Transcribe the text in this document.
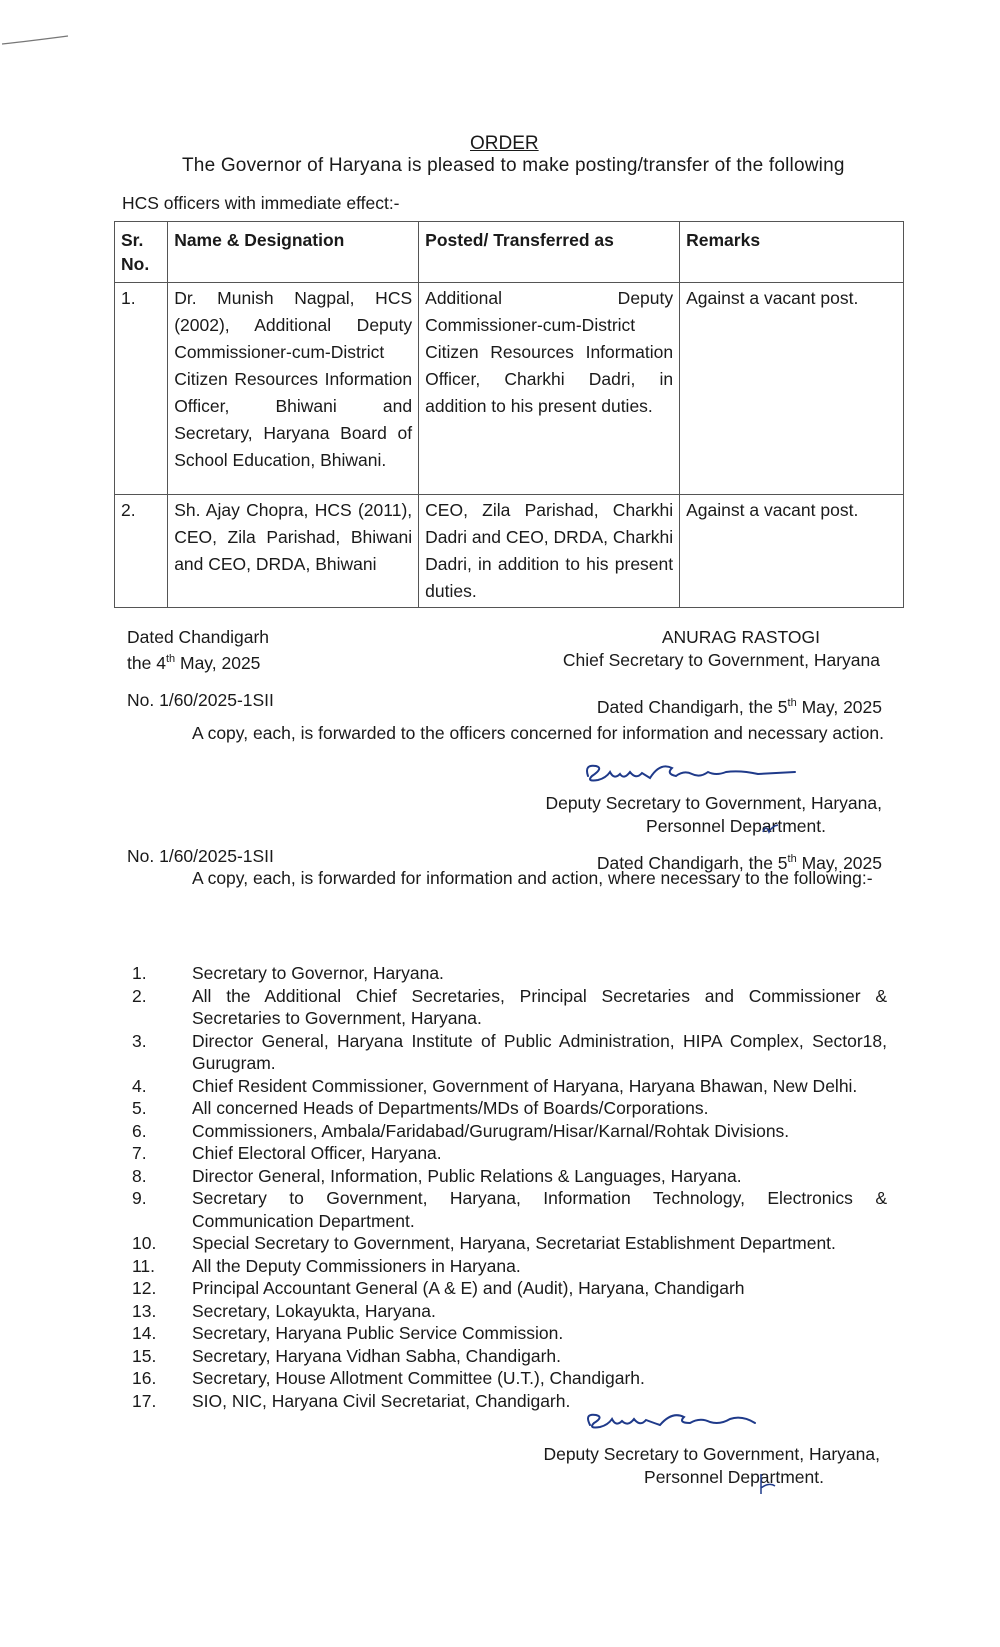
ORDER
The Governor of Haryana is pleased to make posting/transfer of the following
HCS officers with immediate effect:-
Sr. No.	Name & Designation	Posted/ Transferred as	Remarks
1.	Dr. Munish Nagpal, HCS (2002), Additional Deputy Commissioner-cum-District Citizen Resources Information Officer, Bhiwani and Secretary, Haryana Board of School Education, Bhiwani.	Additional Deputy Commissioner-cum-District Citizen Resources Information Officer, Charkhi Dadri, in addition to his present duties.	Against a vacant post.
2.	Sh. Ajay Chopra, HCS (2011), CEO, Zila Parishad, Bhiwani and CEO, DRDA, Bhiwani	CEO, Zila Parishad, Charkhi Dadri and CEO, DRDA, Charkhi Dadri, in addition to his present duties.	Against a vacant post.
Dated Chandigarh
the 4th May, 2025
ANURAG RASTOGI
Chief Secretary to Government, Haryana
No. 1/60/2025-1SII	Dated Chandigarh, the 5th May, 2025
A copy, each, is forwarded to the officers concerned for information and necessary action.
Deputy Secretary to Government, Haryana,
Personnel Department.
No. 1/60/2025-1SII	Dated Chandigarh, the 5th May, 2025
A copy, each, is forwarded for information and action, where necessary to the following:-
1.	Secretary to Governor, Haryana.
2.	All the Additional Chief Secretaries, Principal Secretaries and Commissioner & Secretaries to Government, Haryana.
3.	Director General, Haryana Institute of Public Administration, HIPA Complex, Sector18, Gurugram.
4.	Chief Resident Commissioner, Government of Haryana, Haryana Bhawan, New Delhi.
5.	All concerned Heads of Departments/MDs of Boards/Corporations.
6.	Commissioners, Ambala/Faridabad/Gurugram/Hisar/Karnal/Rohtak Divisions.
7.	Chief Electoral Officer, Haryana.
8.	Director General, Information, Public Relations & Languages, Haryana.
9.	Secretary to Government, Haryana, Information Technology, Electronics & Communication Department.
10.	Special Secretary to Government, Haryana, Secretariat Establishment Department.
11.	All the Deputy Commissioners in Haryana.
12.	Principal Accountant General (A & E) and (Audit), Haryana, Chandigarh
13.	Secretary, Lokayukta, Haryana.
14.	Secretary, Haryana Public Service Commission.
15.	Secretary, Haryana Vidhan Sabha, Chandigarh.
16.	Secretary, House Allotment Committee (U.T.), Chandigarh.
17.	SIO, NIC, Haryana Civil Secretariat, Chandigarh.
Deputy Secretary to Government, Haryana,
Personnel Department.
